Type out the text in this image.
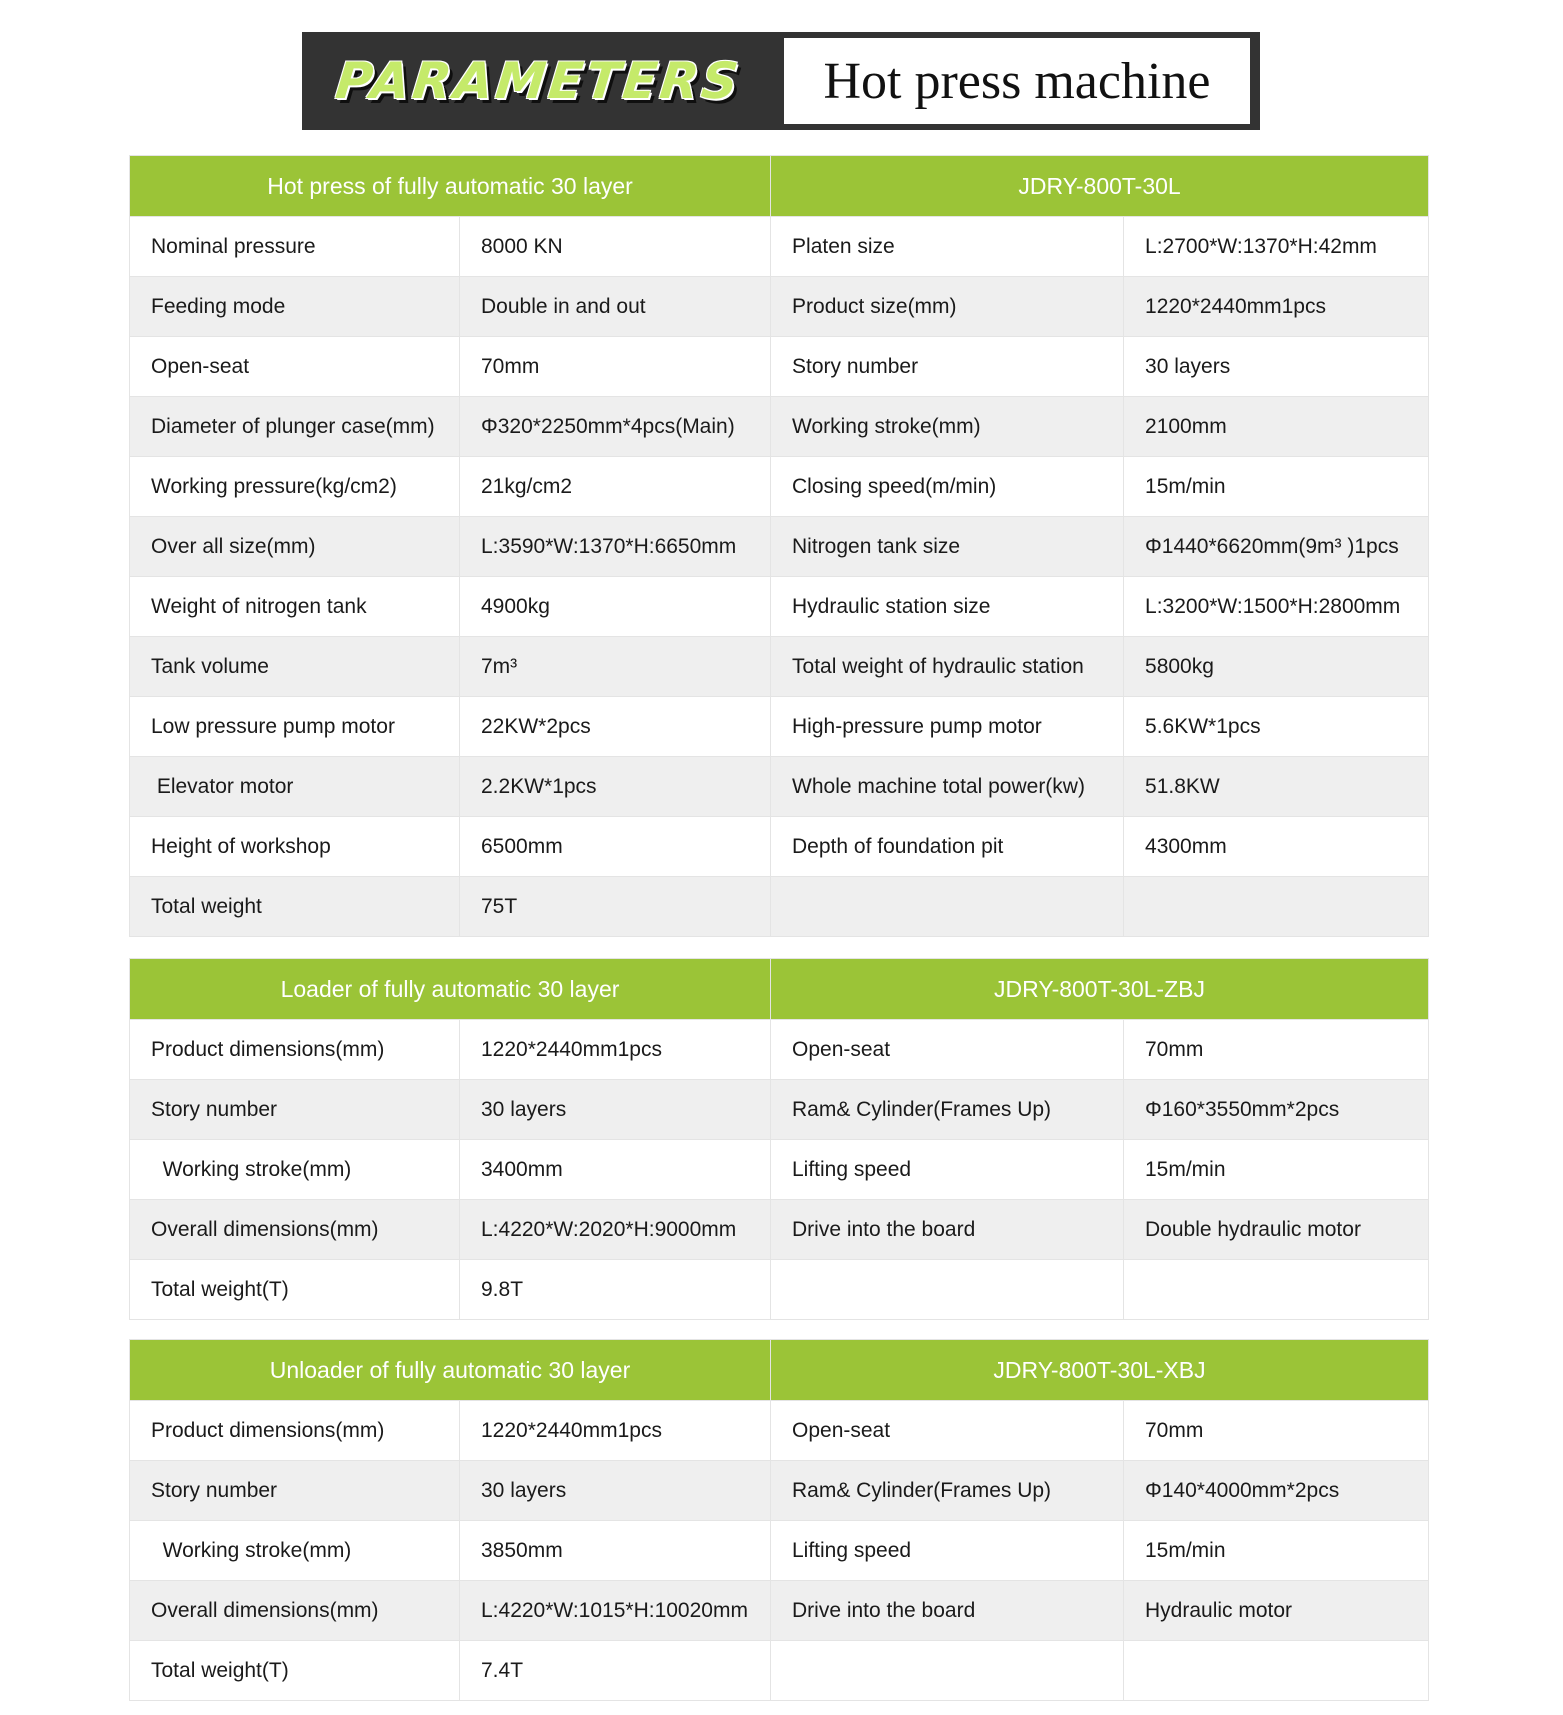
PARAMETERS Hot press machine
Hot press of fully automatic 30 layer		JDRY-800T-30L	
Nominal pressure	8000 KN	Platen size	L:2700*W:1370*H:42mm
Feeding mode	Double in and out	Product size(mm)	1220*2440mm1pcs
Open-seat	70mm	Story number	30 layers
Diameter of plunger case(mm)	Φ320*2250mm*4pcs(Main)	Working stroke(mm)	2100mm
Working pressure(kg/cm2)	21kg/cm2	Closing speed(m/min)	15m/min
Over all size(mm)	L:3590*W:1370*H:6650mm	Nitrogen tank size	Φ1440*6620mm(9m³ )1pcs
Weight of nitrogen tank	4900kg	Hydraulic station size	L:3200*W:1500*H:2800mm
Tank volume	7m³	Total weight of hydraulic station	5800kg
Low pressure pump motor	22KW*2pcs	High-pressure pump motor	5.6KW*1pcs
Elevator motor	2.2KW*1pcs	Whole machine total power(kw)	51.8KW
Height of workshop	6500mm	Depth of foundation pit	4300mm
Total weight	75T		
Loader of fully automatic 30 layer		JDRY-800T-30L-ZBJ	
Product dimensions(mm)	1220*2440mm1pcs	Open-seat	70mm
Story number	30 layers	Ram& Cylinder(Frames Up)	Φ160*3550mm*2pcs
Working stroke(mm)	3400mm	Lifting speed	15m/min
Overall dimensions(mm)	L:4220*W:2020*H:9000mm	Drive into the board	Double hydraulic motor
Total weight(T)	9.8T		
Unloader of fully automatic 30 layer		JDRY-800T-30L-XBJ	
Product dimensions(mm)	1220*2440mm1pcs	Open-seat	70mm
Story number	30 layers	Ram& Cylinder(Frames Up)	Φ140*4000mm*2pcs
Working stroke(mm)	3850mm	Lifting speed	15m/min
Overall dimensions(mm)	L:4220*W:1015*H:10020mm	Drive into the board	Hydraulic motor
Total weight(T)	7.4T		
